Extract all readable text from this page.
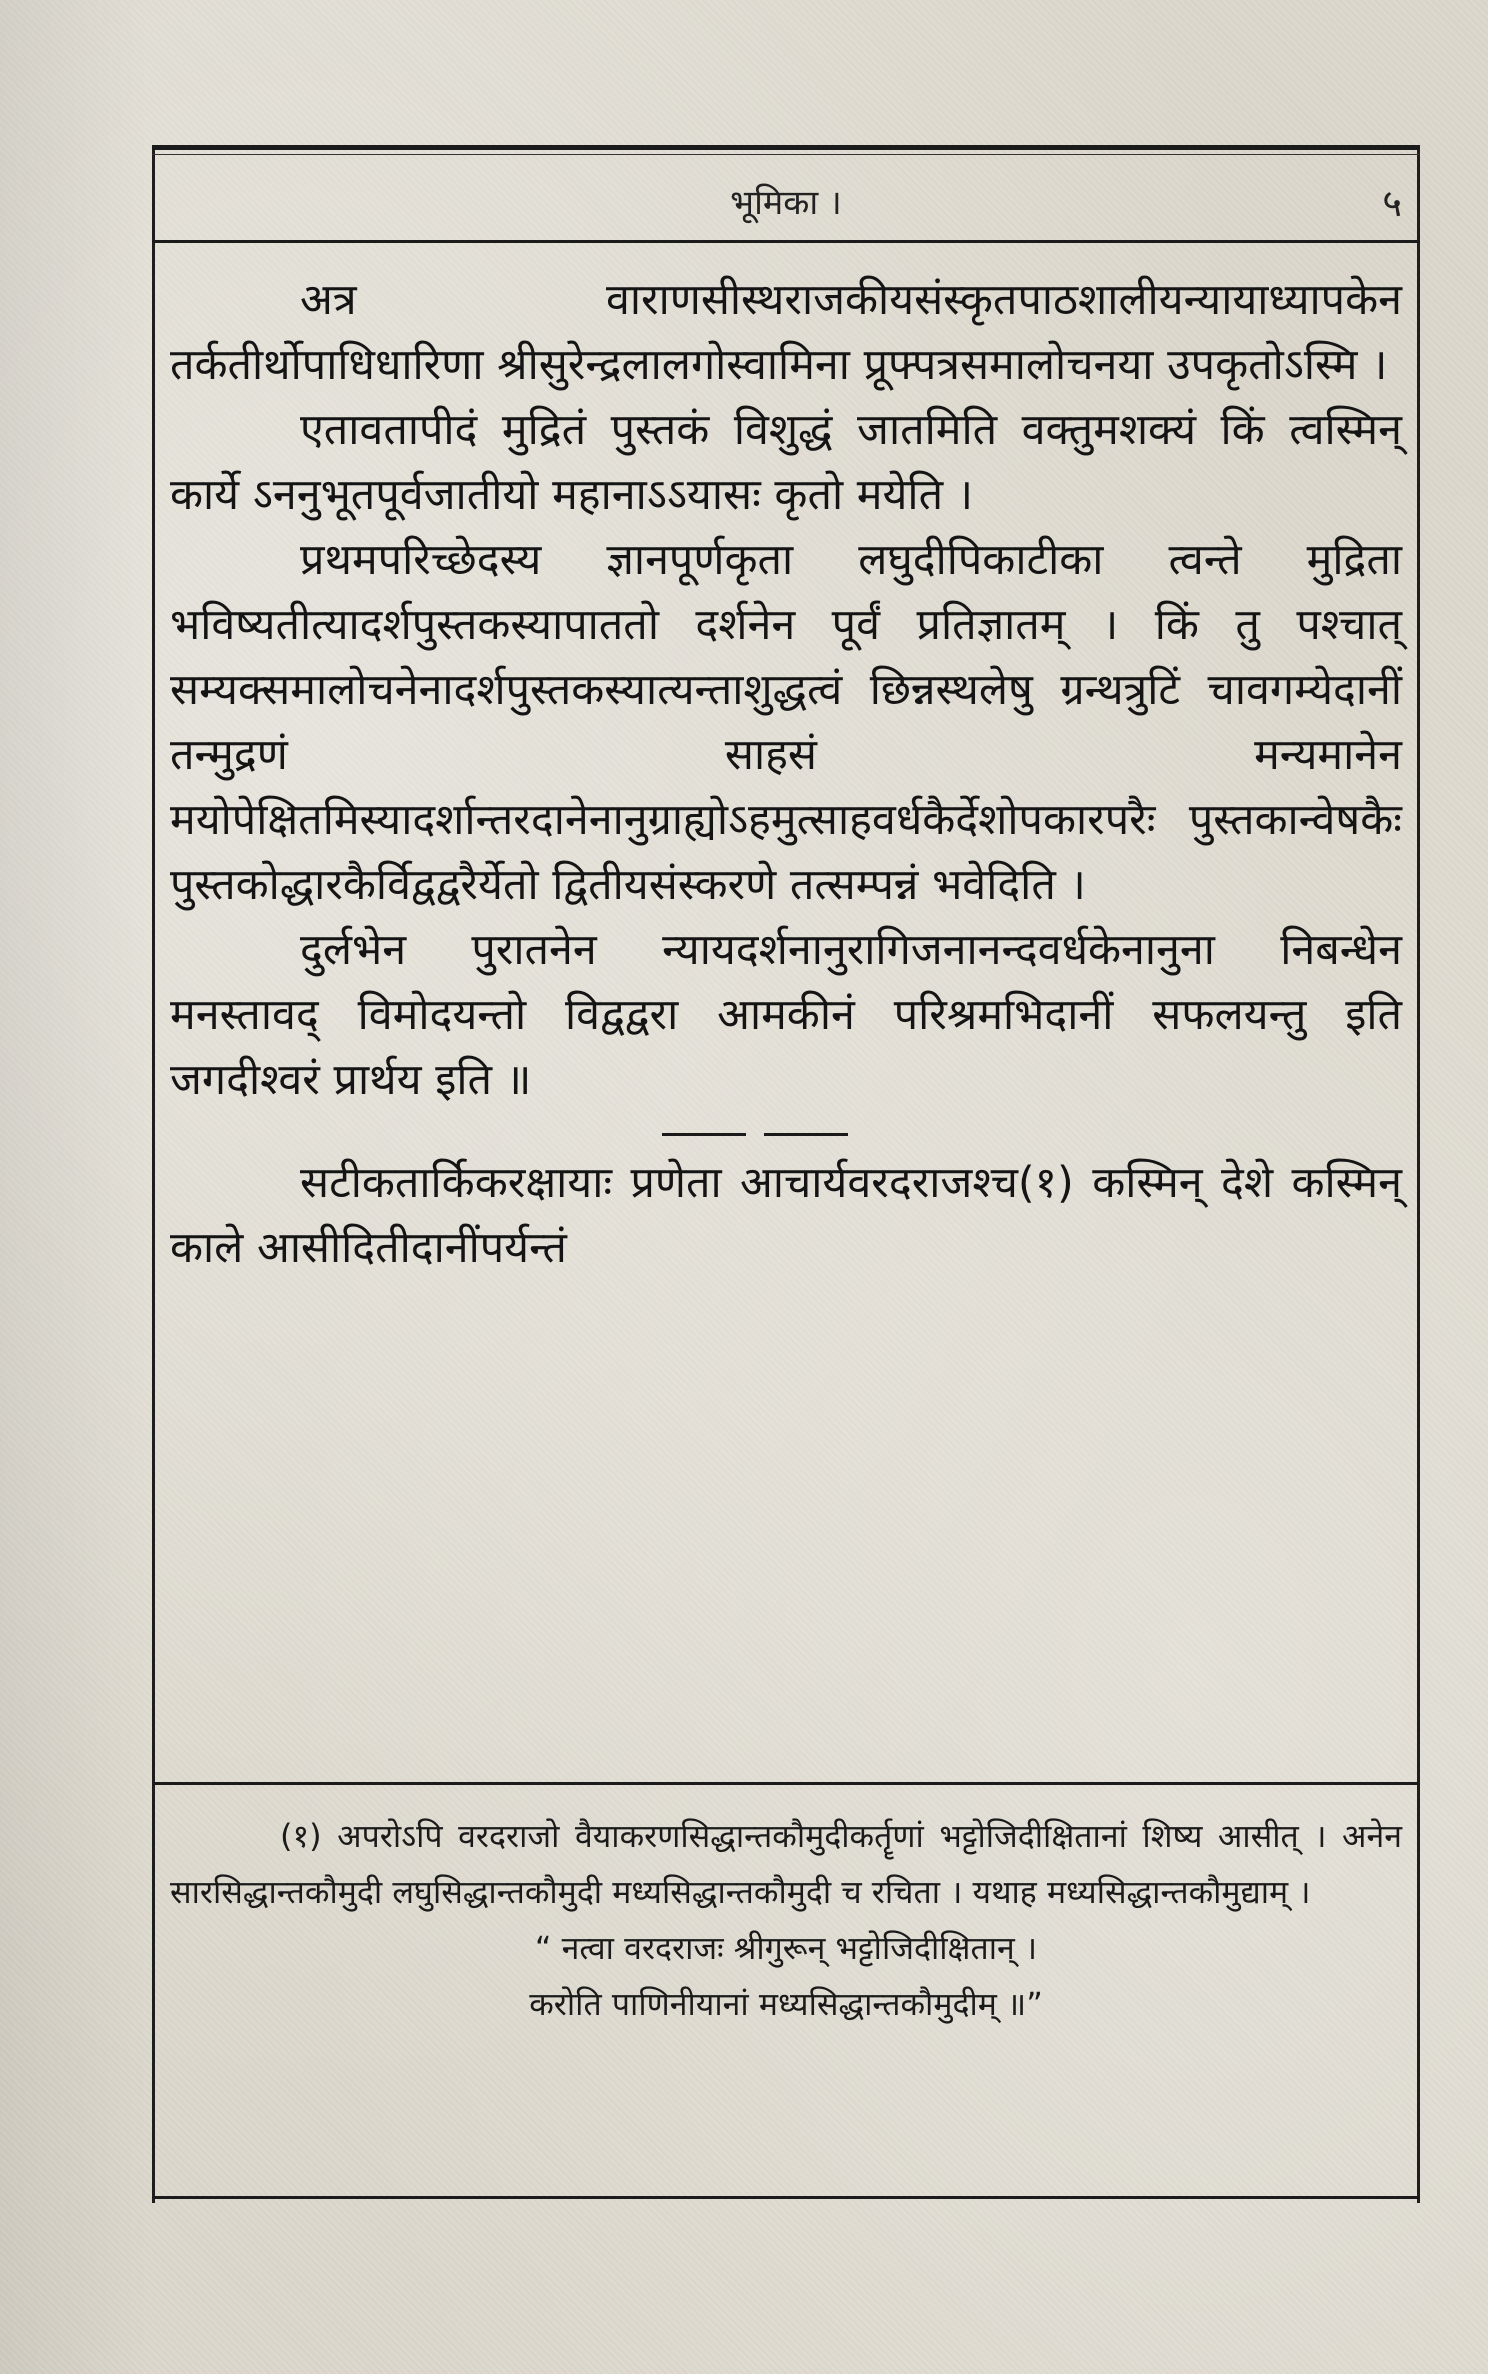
भूमिका ।	५

अत्र वाराणसीस्थराजकीयसंस्कृतपाठशालीयन्यायाध्यापकेन तर्कतीर्थोपाधिधारिणा श्रीसुरेन्द्रलालगोस्वामिना प्रूफ्पत्रसमालोचनया उपकृतोऽस्मि ।

एतावतापीदं मुद्रितं पुस्तकं विशुद्धं जातमिति वक्तुमशक्यं किं त्वस्मिन् कार्ये ऽननुभूतपूर्वजातीयो महानाऽऽयासः कृतो मयेति ।

प्रथमपरिच्छेदस्य ज्ञानपूर्णकृता लघुदीपिकाटीका त्वन्ते मुद्रिता भविष्यतीत्यादर्शपुस्तकस्यापाततो दर्शनेन पूर्वं प्रतिज्ञातम् । किं तु पश्चात् सम्यक्समालोचनेनादर्शपुस्तकस्यात्यन्ताशुद्धत्वं छिन्नस्थलेषु ग्रन्थत्रुटिं चावगम्येदानीं तन्मुद्रणं साहसं मन्यमानेन मयोपेक्षितमिस्यादर्शान्तरदानेनानुग्राह्योऽहमुत्साहवर्धकैर्देशोपकारपरैः पुस्तकान्वेषकैः पुस्तकोद्धारकैर्विद्वद्वरैर्येतो द्वितीयसंस्करणे तत्सम्पन्नं भवेदिति ।

दुर्लभेन पुरातनेन न्यायदर्शनानुरागिजनानन्दवर्धकेनानुना निबन्धेन मनस्तावद् विमोदयन्तो विद्वद्वरा आमकीनं परिश्रमभिदानीं सफलयन्तु इति जगदीश्वरं प्रार्थय इति ॥

सटीकतार्किकरक्षायाः प्रणेता आचार्यवरदराजश्च(१) कस्मिन् देशे कस्मिन् काले आसीदितीदानींपर्यन्तं

(१) अपरोऽपि वरदराजो वैयाकरणसिद्धान्तकौमुदीकर्तॄणां भट्टोजिदीक्षितानां शिष्य आसीत् । अनेन सारसिद्धान्तकौमुदी लघुसिद्धान्तकौमुदी मध्यसिद्धान्तकौमुदी च रचिता । यथाह मध्यसिद्धान्तकौमुद्याम् ।

“ नत्वा वरदराजः श्रीगुरून् भट्टोजिदीक्षितान् ।
करोति पाणिनीयानां मध्यसिद्धान्तकौमुदीम् ॥”
